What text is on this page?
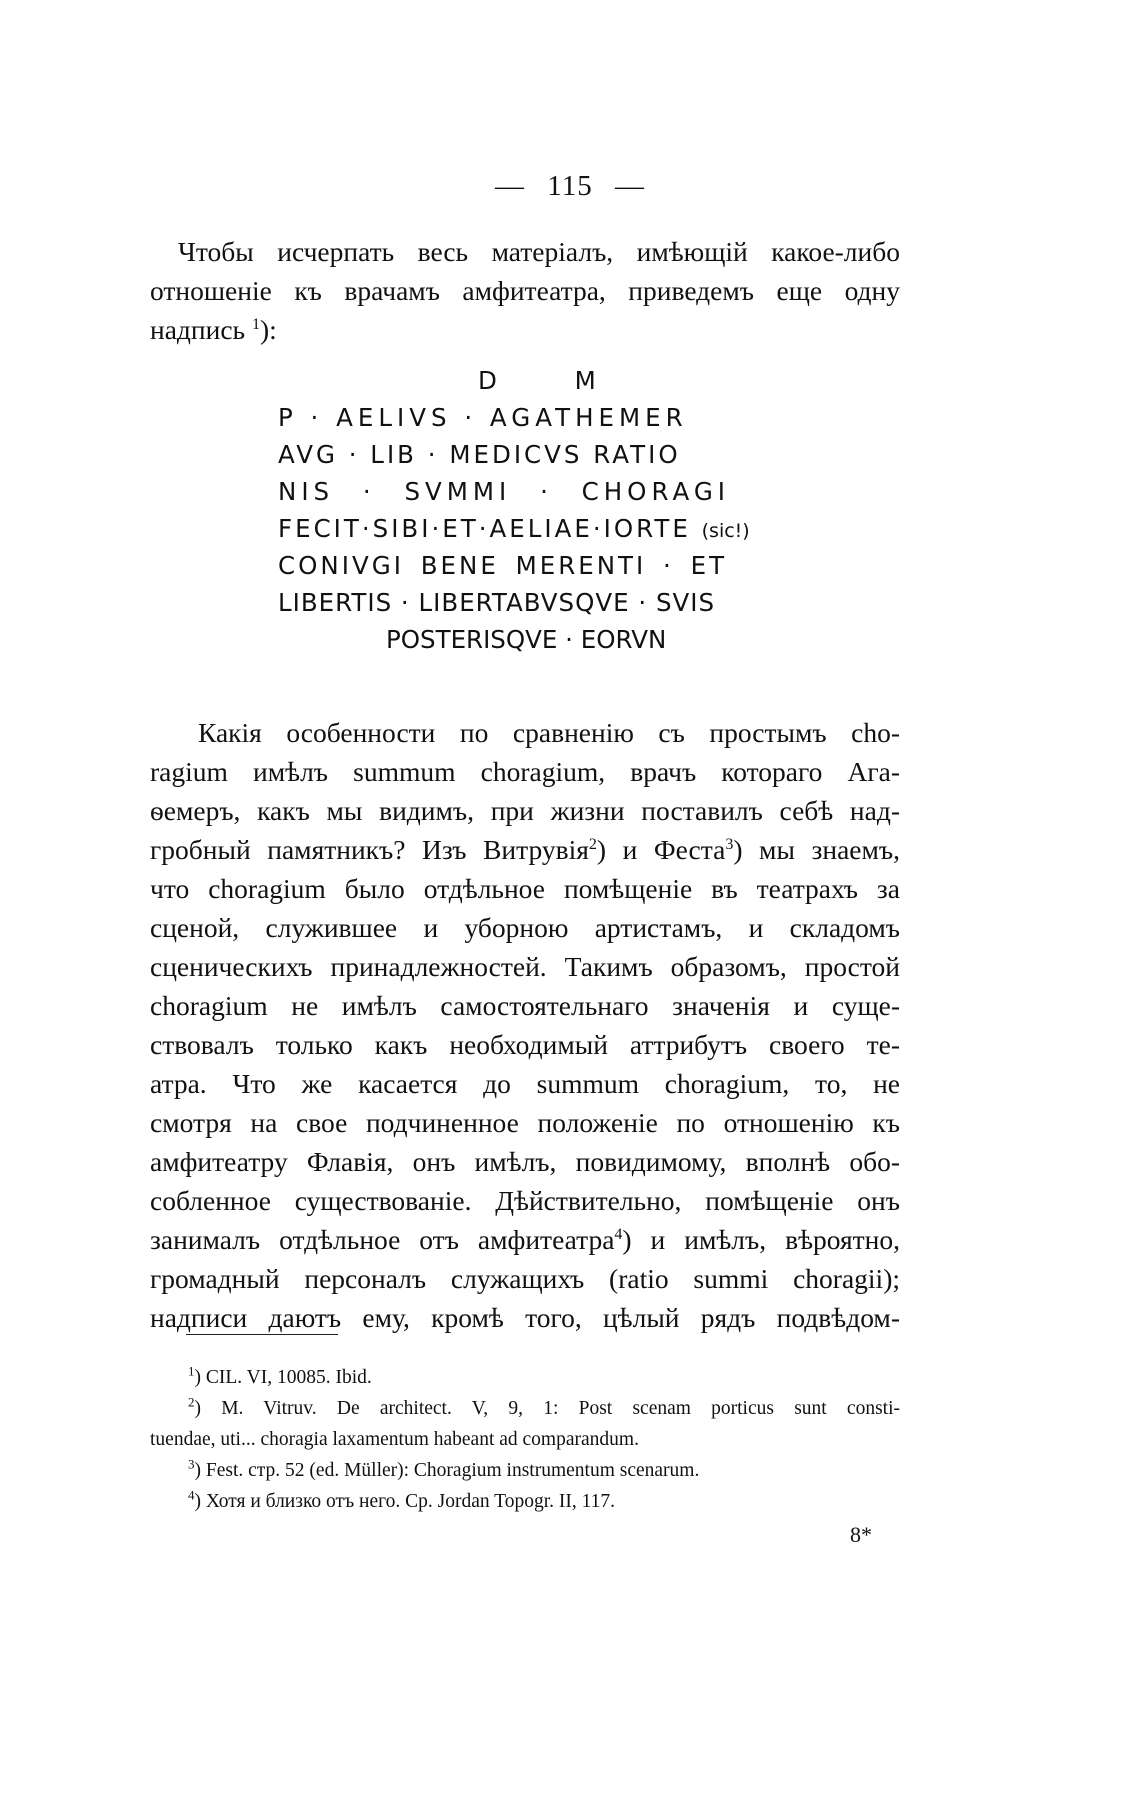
— 115 —
Чтобы исчерпать весь матеріалъ, имѣющій какое-либо
отношеніе къ врачамъ амфитеатра, приведемъ еще одну
надпись $^1$):
D M
P · AELIVS · AGATHEMER
AVG · LIB · MEDICVS RATIO
NIS · SVMMI · CHORAGI
FECIT·SIBI·ET·AELIAE·IORTE (sic!)
CONIVGI BENE MERENTI · ET
LIBERTIS · LIBERTABVSQVE · SVIS
POSTERISQVE · EORVN
Какія особенности по сравненію съ простымъ cho-
ragium имѣлъ summum choragium, врачъ котораго Ага-
ѳемеръ, какъ мы видимъ, при жизни поставилъ себѣ над-
гробный памятникъ? Изъ Витрувія$^2$) и Феста$^3$) мы знаемъ,
что choragium было отдѣльное помѣщеніе въ театрахъ за
сценой, служившее и уборною артистамъ, и складомъ
сценическихъ принадлежностей. Такимъ образомъ, простой
choragium не имѣлъ самостоятельнаго значенія и суще-
ствовалъ только какъ необходимый аттрибутъ своего те-
атра. Что же касается до summum choragium, то, не
смотря на свое подчиненное положеніе по отношенію къ
амфитеатру Флавія, онъ имѣлъ, повидимому, вполнѣ обо-
собленное существованіе. Дѣйствительно, помѣщеніе онъ
занималъ отдѣльное отъ амфитеатра$^4$) и имѣлъ, вѣроятно,
громадный персоналъ служащихъ (ratio summi choragii);
надписи даютъ ему, кромѣ того, цѣлый рядъ подвѣдом-
$^1$) CIL. VI, 10085. Ibid.
$^2$) M. Vitruv. De architect. V, 9, 1: Post scenam porticus sunt consti-
tuendae, uti... choragia laxamentum habeant ad comparandum.
$^3$) Fest. стр. 52 (ed. Müller): Choragium instrumentum scenarum.
$^4$) Хотя и близко отъ него. Ср. Jordan Topogr. II, 117.
8*
